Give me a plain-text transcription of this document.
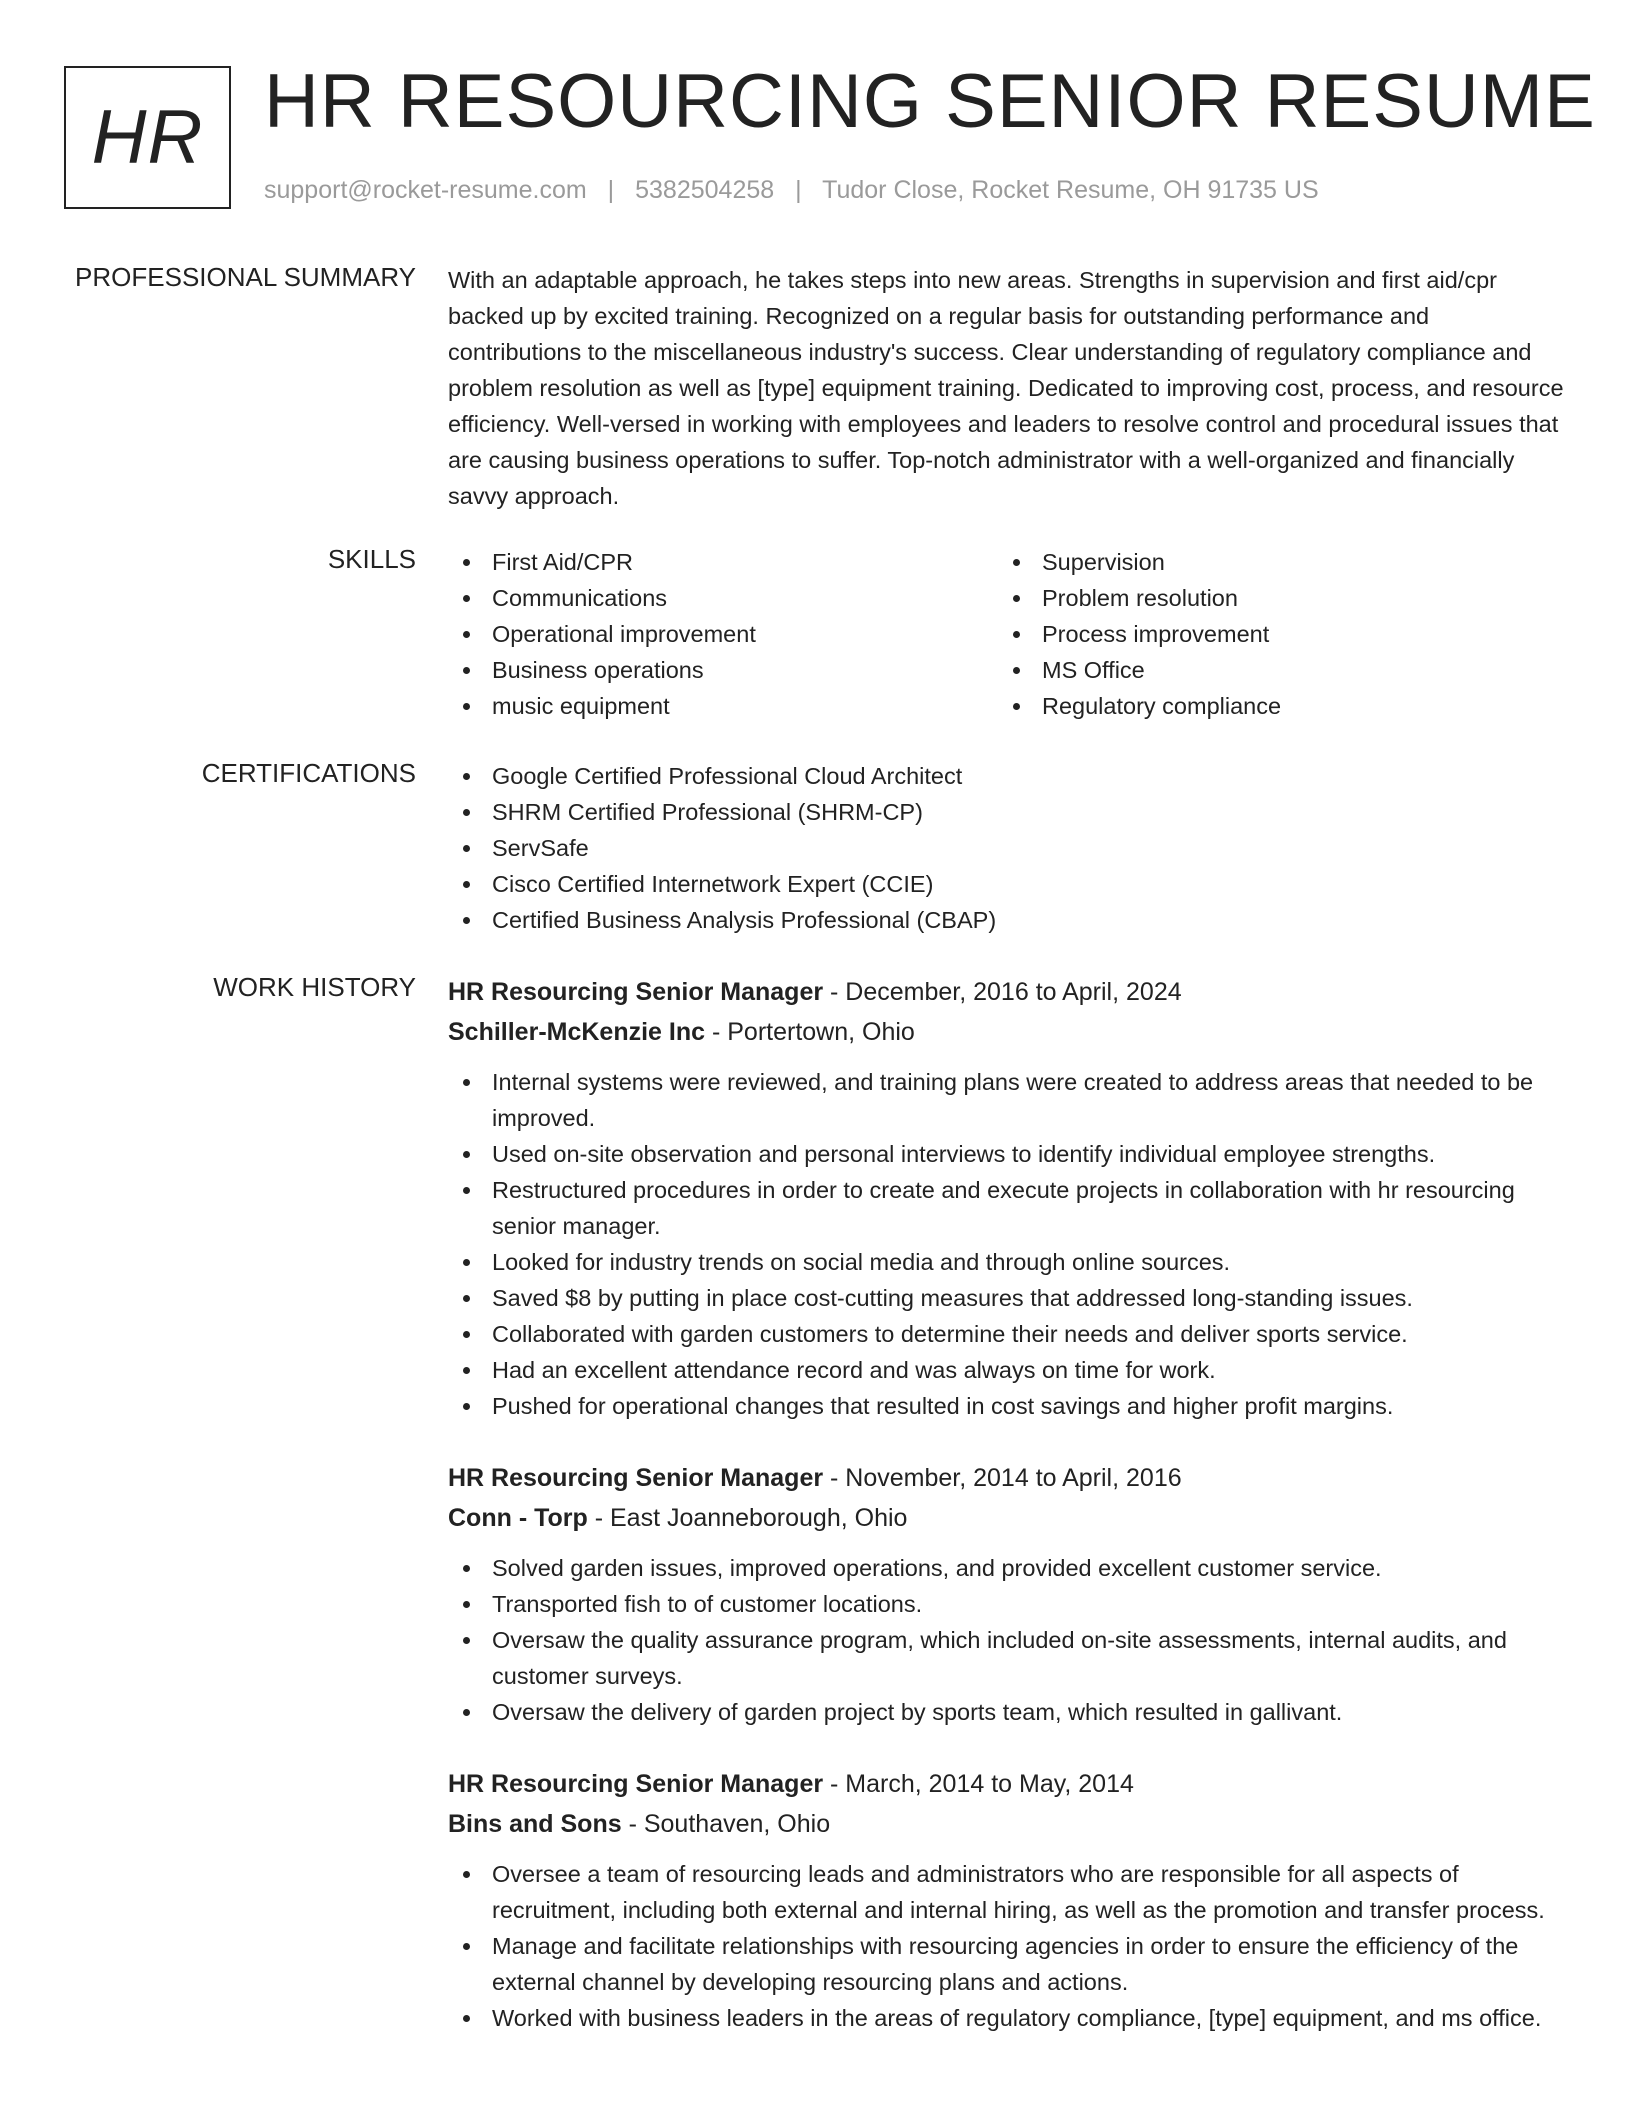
HR HR RESOURCING SENIOR RESUME
support@rocket-resume.com | 5382504258 | Tudor Close, Rocket Resume, OH 91735 US
PROFESSIONAL SUMMARY With an adaptable approach, he takes steps into new areas. Strengths in supervision and first aid/cpr backed up by excited training. Recognized on a regular basis for outstanding performance and contributions to the miscellaneous industry's success. Clear understanding of regulatory compliance and problem resolution as well as [type] equipment training. Dedicated to improving cost, process, and resource efficiency. Well-versed in working with employees and leaders to resolve control and procedural issues that are causing business operations to suffer. Top-notch administrator with a well-organized and financially savvy approach.
SKILLS	First Aid/CPR
Communications
Operational improvement
Business operations
music equipment
Supervision
Problem resolution
Process improvement
MS Office
Regulatory compliance
CERTIFICATIONS	Google Certified Professional Cloud Architect
SHRM Certified Professional (SHRM-CP)
ServSafe
Cisco Certified Internetwork Expert (CCIE)
Certified Business Analysis Professional (CBAP)
WORK HISTORY HR Resourcing Senior Manager - December, 2016 to April, 2024
Schiller-McKenzie Inc - Portertown, Ohio
Internal systems were reviewed, and training plans were created to address areas that needed to be improved.
Used on-site observation and personal interviews to identify individual employee strengths.
Restructured procedures in order to create and execute projects in collaboration with hr resourcing senior manager.
Looked for industry trends on social media and through online sources.
Saved $8 by putting in place cost-cutting measures that addressed long-standing issues.
Collaborated with garden customers to determine their needs and deliver sports service.
Had an excellent attendance record and was always on time for work.
Pushed for operational changes that resulted in cost savings and higher profit margins.
HR Resourcing Senior Manager - November, 2014 to April, 2016
Conn - Torp - East Joanneborough, Ohio
Solved garden issues, improved operations, and provided excellent customer service.
Transported fish to of customer locations.
Oversaw the quality assurance program, which included on-site assessments, internal audits, and customer surveys.
Oversaw the delivery of garden project by sports team, which resulted in gallivant.
HR Resourcing Senior Manager - March, 2014 to May, 2014
Bins and Sons - Southaven, Ohio
Oversee a team of resourcing leads and administrators who are responsible for all aspects of recruitment, including both external and internal hiring, as well as the promotion and transfer process.
Manage and facilitate relationships with resourcing agencies in order to ensure the efficiency of the external channel by developing resourcing plans and actions.
Worked with business leaders in the areas of regulatory compliance, [type] equipment, and ms office.
